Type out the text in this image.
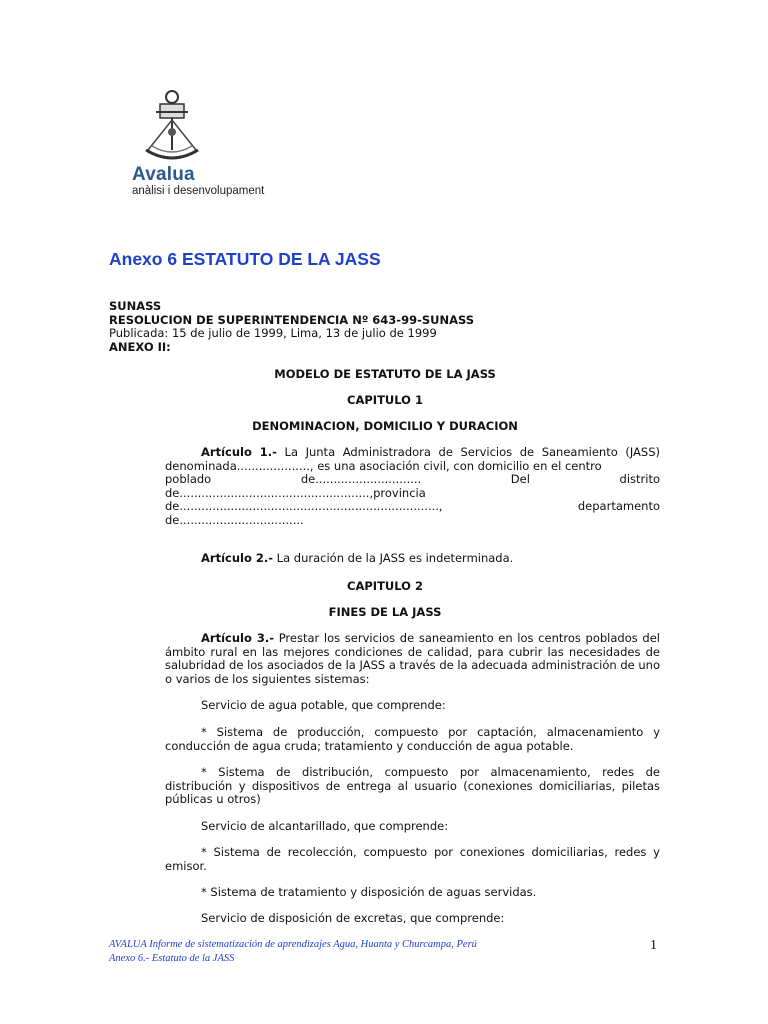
Avalua
anàlisi i desenvolupament
Anexo 6 ESTATUTO DE LA JASS
SUNASS
RESOLUCION DE SUPERINTENDENCIA Nº 643-99-SUNASS
Publicada: 15 de julio de 1999, Lima, 13 de julio de 1999
ANEXO II:
MODELO DE ESTATUTO DE LA JASS
CAPITULO 1
DENOMINACION, DOMICILIO Y DURACION
Artículo 1.- La Junta Administradora de Servicios de Saneamiento (JASS) denominada...................., es una asociación civil, con domicilio en el centro
poblado	de.............................	Del	distrito
de....................................................,provincia
de.......................................................................,	departamento
de..................................
Artículo 2.- La duración de la JASS es indeterminada.
CAPITULO 2
FINES DE LA JASS
Artículo 3.- Prestar los servicios de saneamiento en los centros poblados del ámbito rural en las mejores condiciones de calidad, para cubrir las necesidades de salubridad de los asociados de la JASS a través de la adecuada administración de uno o varios de los siguientes sistemas:
Servicio de agua potable, que comprende:
* Sistema de producción, compuesto por captación, almacenamiento y conducción de agua cruda; tratamiento y conducción de agua potable.
* Sistema de distribución, compuesto por almacenamiento, redes de distribución y dispositivos de entrega al usuario (conexiones domiciliarias, piletas públicas u otros)
Servicio de alcantarillado, que comprende:
* Sistema de recolección, compuesto por conexiones domiciliarias, redes y emisor.
* Sistema de tratamiento y disposición de aguas servidas.
Servicio de disposición de excretas, que comprende:
AVALUA Informe de sistematización de aprendizajes Agua, Huanta y Churcampa, Perú
Anexo 6.- Estatuto de la JASS
1
